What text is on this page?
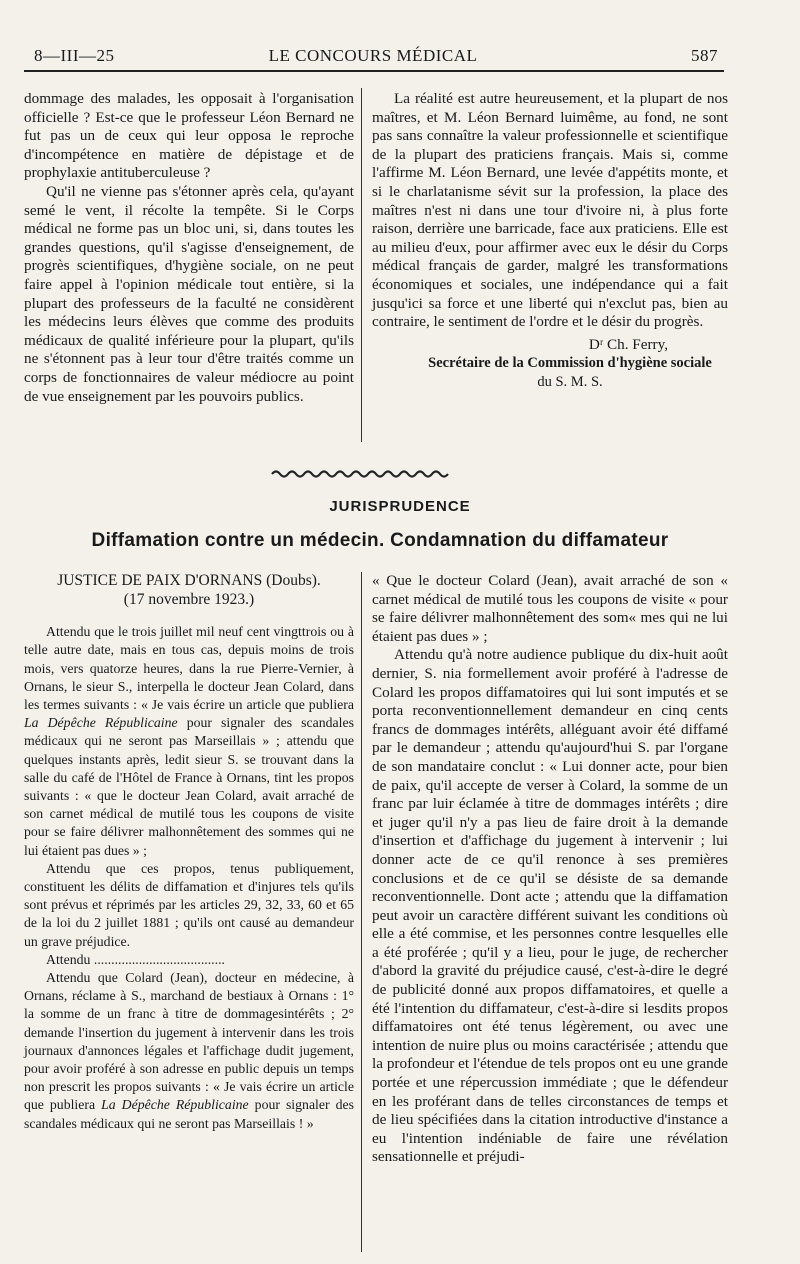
8—III—25	LE CONCOURS MÉDICAL	587

dommage des malades, les opposait à l'organisation officielle ? Est-ce que le professeur Léon Bernard ne fut pas un de ceux qui leur opposa le reproche d'incompétence en matière de dépistage et de prophylaxie antituberculeuse ?

Qu'il ne vienne pas s'étonner après cela, qu'ayant semé le vent, il récolte la tempête. Si le Corps médical ne forme pas un bloc uni, si, dans toutes les grandes questions, qu'il s'agisse d'enseignement, de progrès scientifiques, d'hygiène sociale, on ne peut faire appel à l'opinion médicale tout entière, si la plupart des professeurs de la faculté ne considèrent les médecins leurs élèves que comme des produits médicaux de qualité inférieure pour la plupart, qu'ils ne s'étonnent pas à leur tour d'être traités comme un corps de fonctionnaires de valeur médiocre au point de vue enseignement par les pouvoirs publics.

La réalité est autre heureusement, et la plupart de nos maîtres, et M. Léon Bernard luimême, au fond, ne sont pas sans connaître la valeur professionnelle et scientifique de la plupart des praticiens français. Mais si, comme l'affirme M. Léon Bernard, une levée d'appétits monte, et si le charlatanisme sévit sur la profession, la place des maîtres n'est ni dans une tour d'ivoire ni, à plus forte raison, derrière une barricade, face aux praticiens. Elle est au milieu d'eux, pour affirmer avec eux le désir du Corps médical français de garder, malgré les transformations économiques et sociales, une indépendance qui a fait jusqu'ici sa force et une liberté qui n'exclut pas, bien au contraire, le sentiment de l'ordre et le désir du progrès.

Dʳ Ch. Ferry,
Secrétaire de la Commission d'hygiène sociale
du S. M. S.
JURISPRUDENCE
Diffamation contre un médecin. Condamnation du diffamateur

JUSTICE DE PAIX D'ORNANS (Doubs).

(17 novembre 1923.)

Attendu que le trois juillet mil neuf cent vingttrois ou à telle autre date, mais en tous cas, depuis moins de trois mois, vers quatorze heures, dans la rue Pierre-Vernier, à Ornans, le sieur S., interpella le docteur Jean Colard, dans les termes suivants : « Je vais écrire un article que publiera La Dépêche Républicaine pour signaler des scandales médicaux qui ne seront pas Marseillais » ; attendu que quelques instants après, ledit sieur S. se trouvant dans la salle du café de l'Hôtel de France à Ornans, tint les propos suivants : « que le docteur Jean Colard, avait arraché de son carnet médical de mutilé tous les coupons de visite pour se faire délivrer malhonnêtement des sommes qui ne lui étaient pas dues » ;

Attendu que ces propos, tenus publiquement, constituent les délits de diffamation et d'injures tels qu'ils sont prévus et réprimés par les articles 29, 32, 33, 60 et 65 de la loi du 2 juillet 1881 ; qu'ils ont causé au demandeur un grave préjudice.

Attendu ......................................

Attendu que Colard (Jean), docteur en médecine, à Ornans, réclame à S., marchand de bestiaux à Ornans : 1° la somme de un franc à titre de dommagesintérêts ; 2° demande l'insertion du jugement à intervenir dans les trois journaux d'annonces légales et l'affichage dudit jugement, pour avoir proféré à son adresse en public depuis un temps non prescrit les propos suivants : « Je vais écrire un article que publiera La Dépêche Républicaine pour signaler des scandales médicaux qui ne seront pas Marseillais ! »

« Que le docteur Colard (Jean), avait arraché de son « carnet médical de mutilé tous les coupons de visite « pour se faire délivrer malhonnêtement des som« mes qui ne lui étaient pas dues » ;

Attendu qu'à notre audience publique du dix-huit août dernier, S. nia formellement avoir proféré à l'adresse de Colard les propos diffamatoires qui lui sont imputés et se porta reconventionnellement demandeur en cinq cents francs de dommages intérêts, alléguant avoir été diffamé par le demandeur ; attendu qu'aujourd'hui S. par l'organe de son mandataire conclut : « Lui donner acte, pour bien de paix, qu'il accepte de verser à Colard, la somme de un franc par luir éclamée à titre de dommages intérêts ; dire et juger qu'il n'y a pas lieu de faire droit à la demande d'insertion et d'affichage du jugement à intervenir ; lui donner acte de ce qu'il renonce à ses premières conclusions et de ce qu'il se désiste de sa demande reconventionnelle. Dont acte ; attendu que la diffamation peut avoir un caractère différent suivant les conditions où elle a été commise, et les personnes contre lesquelles elle a été proférée ; qu'il y a lieu, pour le juge, de rechercher d'abord la gravité du préjudice causé, c'est-à-dire le degré de publicité donné aux propos diffamatoires, et quelle a été l'intention du diffamateur, c'est-à-dire si lesdits propos diffamatoires ont été tenus légèrement, ou avec une intention de nuire plus ou moins caractérisée ; attendu que la profondeur et l'étendue de tels propos ont eu une grande portée et une répercussion immédiate ; que le défendeur en les proférant dans de telles circonstances de temps et de lieu spécifiées dans la citation introductive d'instance a eu l'intention indéniable de faire une révélation sensationnelle et préjudi-
